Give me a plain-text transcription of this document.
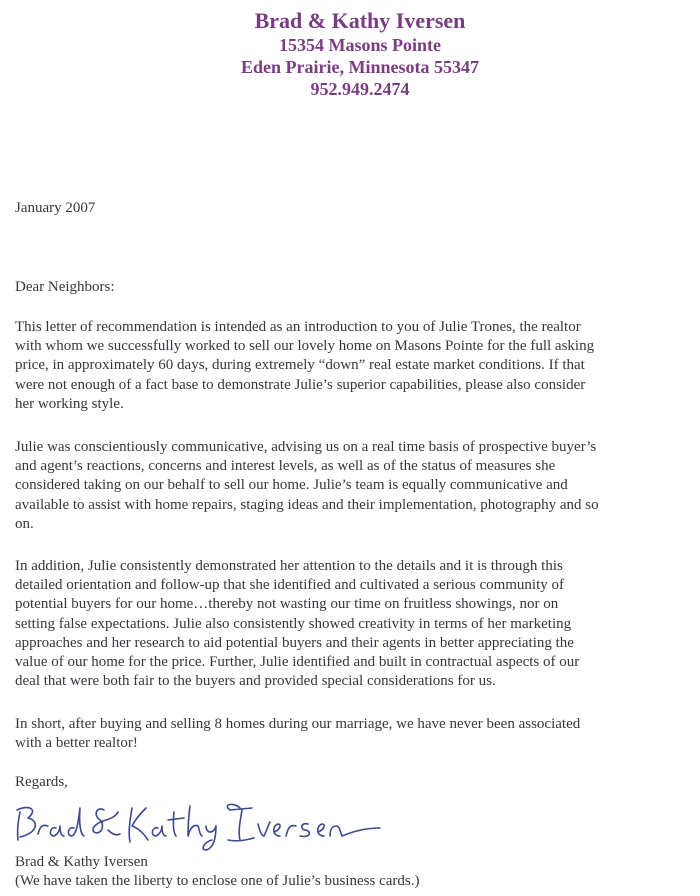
Brad & Kathy Iversen
15354 Masons Pointe
Eden Prairie, Minnesota 55347
952.949.2474
January 2007
Dear Neighbors:

This letter of recommendation is intended as an introduction to you of Julie Trones, the realtor
with whom we successfully worked to sell our lovely home on Masons Pointe for the full asking
price, in approximately 60 days, during extremely “down” real estate market conditions. If that
were not enough of a fact base to demonstrate Julie’s superior capabilities, please also consider
her working style.

Julie was conscientiously communicative, advising us on a real time basis of prospective buyer’s
and agent’s reactions, concerns and interest levels, as well as of the status of measures she
considered taking on our behalf to sell our home. Julie’s team is equally communicative and
available to assist with home repairs, staging ideas and their implementation, photography and so
on.

In addition, Julie consistently demonstrated her attention to the details and it is through this
detailed orientation and follow-up that she identified and cultivated a serious community of
potential buyers for our home…thereby not wasting our time on fruitless showings, nor on
setting false expectations. Julie also consistently showed creativity in terms of her marketing
approaches and her research to aid potential buyers and their agents in better appreciating the
value of our home for the price. Further, Julie identified and built in contractual aspects of our
deal that were both fair to the buyers and provided special considerations for us.

In short, after buying and selling 8 homes during our marriage, we have never been associated
with a better realtor!

Regards,
Brad & Kathy Iversen
(We have taken the liberty to enclose one of Julie’s business cards.)
